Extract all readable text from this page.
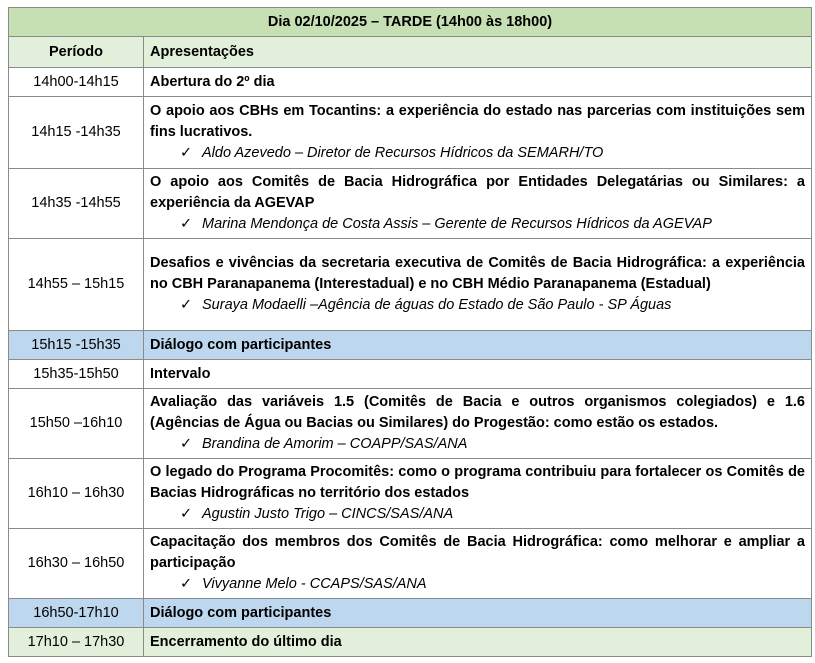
Dia 02/10/2025 – TARDE (14h00 às 18h00)	
Período	Apresentações
14h00-14h15	Abertura do 2º dia

14h15 -14h35	O apoio aos CBHs em Tocantins: a experiência do estado nas parcerias com instituições sem fins lucrativos.
✓ Aldo Azevedo – Diretor de Recursos Hídricos da SEMARH/TO

14h35 -14h55	O apoio aos Comitês de Bacia Hidrográfica por Entidades Delegatárias ou Similares: a experiência da AGEVAP
✓ Marina Mendonça de Costa Assis – Gerente de Recursos Hídricos da AGEVAP

14h55 – 15h15	Desafios e vivências da secretaria executiva de Comitês de Bacia Hidrográfica: a experiência no CBH Paranapanema (Interestadual) e no CBH Médio Paranapanema (Estadual)
✓ Suraya Modaelli –Agência de águas do Estado de São Paulo - SP Águas

15h15 -15h35	Diálogo com participantes

15h35-15h50	Intervalo

15h50 –16h10	Avaliação das variáveis 1.5 (Comitês de Bacia e outros organismos colegiados) e 1.6 (Agências de Água ou Bacias ou Similares) do Progestão: como estão os estados.
✓ Brandina de Amorim – COAPP/SAS/ANA

16h10 – 16h30	O legado do Programa Procomitês: como o programa contribuiu para fortalecer os Comitês de Bacias Hidrográficas no território dos estados
✓ Agustin Justo Trigo – CINCS/SAS/ANA

16h30 – 16h50	Capacitação dos membros dos Comitês de Bacia Hidrográfica: como melhorar e ampliar a participação
✓ Vivyanne Melo - CCAPS/SAS/ANA

16h50-17h10	Diálogo com participantes

17h10 – 17h30	Encerramento do último dia
